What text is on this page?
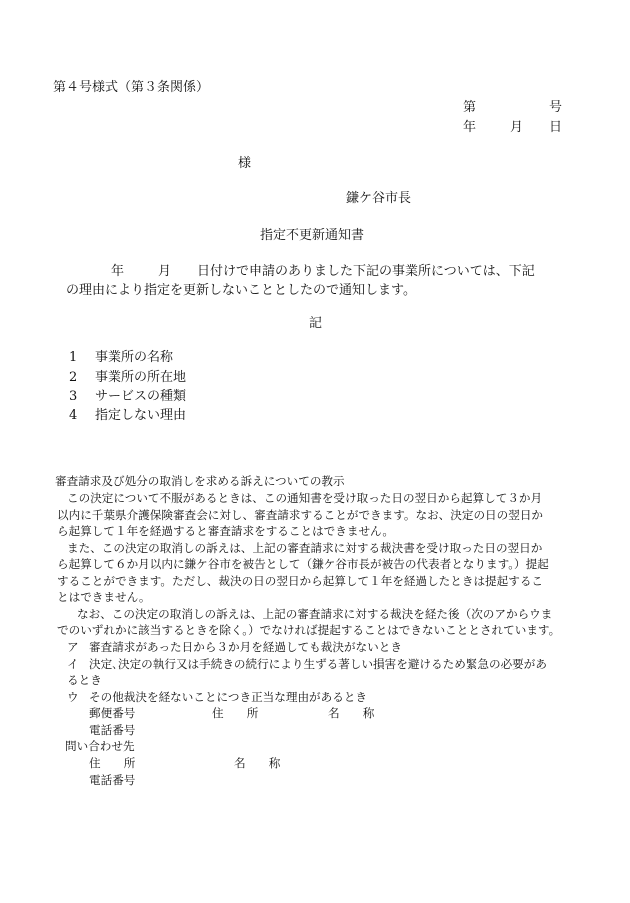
第４号様式（第３条関係）
第	号
年	月 日
様
鎌ケ谷市長
指定不更新通知書
年	月 日付けで申請のありました下記の事業所については、下記
の理由により指定を更新しないこととしたので通知します。
記
1 事業所の名称
2 事業所の所在地
3 サービスの種類
4 指定しない理由
審査請求及び処分の取消しを求める訴えについての教示
この決定について不服があるときは、この通知書を受け取った日の翌日から起算して３か月
以内に千葉県介護保険審査会に対し、審査請求することができます。なお、決定の日の翌日か
ら起算して１年を経過すると審査請求をすることはできません。
また、この決定の取消しの訴えは、上記の審査請求に対する裁決書を受け取った日の翌日か
ら起算して６か月以内に鎌ケ谷市を被告として（鎌ケ谷市長が被告の代表者となります。）提起
することができます。ただし、裁決の日の翌日から起算して１年を経過したときは提起するこ
とはできません。
なお、この決定の取消しの訴えは、上記の審査請求に対する裁決を経た後（次のアからウま
でのいずれかに該当するときを除く。）でなければ提起することはできないこととされています。
ア 審査請求があった日から３か月を経過しても裁決がないとき
イ 決定､決定の執行又は手続きの続行により生ずる著しい損害を避けるため緊急の必要があ
るとき
ウ その他裁決を経ないことにつき正当な理由があるとき
郵便番号	住　　所	名　　称
電話番号
問い合わせ先
住　　所	名　　称
電話番号
